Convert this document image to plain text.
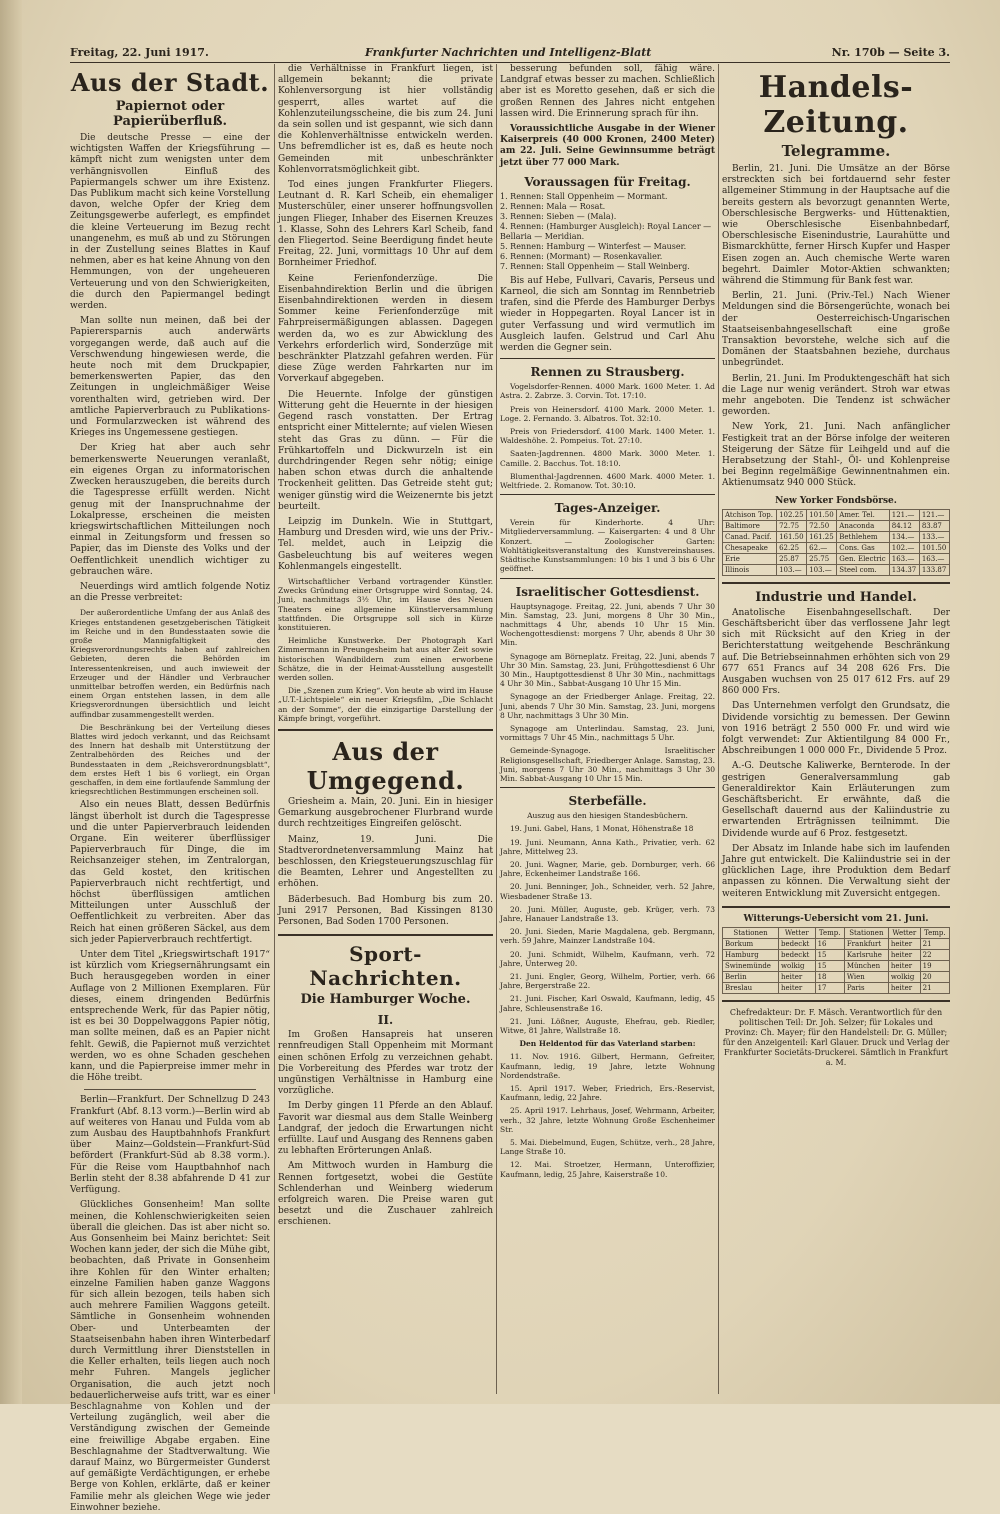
Freitag, 22. Juni 1917.	Frankfurter Nachrichten und Intelligenz-Blatt	Nr. 170b — Seite 3.
Aus der Stadt.
Papiernot oder Papierüberfluß.

Die deutsche Presse — eine der wichtigsten Waffen der Kriegsführung — kämpft nicht zum wenigsten unter dem verhängnisvollen Einfluß des Papiermangels schwer um ihre Existenz. Das Publikum macht sich keine Vorstellung davon, welche Opfer der Krieg dem Zeitungsgewerbe auferlegt, es empfindet die kleine Verteuerung im Bezug recht unangenehm, es muß ab und zu Störungen in der Zustellung seines Blattes in Kauf nehmen, aber es hat keine Ahnung von den Hemmungen, von der ungeheueren Verteuerung und von den Schwierigkeiten, die durch den Papiermangel bedingt werden.

Man sollte nun meinen, daß bei der Papierersparnis auch anderwärts vorgegangen werde, daß auch auf die Verschwendung hingewiesen werde, die heute noch mit dem Druckpapier, bemerkenswerten Papier, das den Zeitungen in ungleichmäßiger Weise vorenthalten wird, getrieben wird. Der amtliche Papierverbrauch zu Publikations- und Formularzwecken ist während des Krieges ins Ungemessene gestiegen.

Der Krieg hat aber auch sehr bemerkenswerte Neuerungen veranlaßt, ein eigenes Organ zu informatorischen Zwecken herauszugeben, die bereits durch die Tagespresse erfüllt werden. Nicht genug mit der Inanspruchnahme der Lokalpresse, erscheinen die meisten kriegswirtschaftlichen Mitteilungen noch einmal in Zeitungsform und fressen so Papier, das im Dienste des Volks und der Oeffentlichkeit unendlich wichtiger zu gebrauchen wäre.

Neuerdings wird amtlich folgende Notiz an die Presse verbreitet:

Der außerordentliche Umfang der aus Anlaß des Krieges entstandenen gesetzgeberischen Tätigkeit im Reiche und in den Bundesstaaten sowie die große Mannigfaltigkeit des Kriegsverordnungsrechts haben auf zahlreichen Gebieten, deren die Behörden im Interessentenkreisen, und auch inwieweit der Erzeuger und der Händler und Verbraucher unmittelbar betroffen werden, ein Bedürfnis nach einem Organ entstehen lassen, in dem alle Kriegsverordnungen übersichtlich und leicht auffindbar zusammengestellt werden.

Die Beschränkung bei der Verteilung dieses Blattes wird jedoch verkannt, und das Reichsamt des Innern hat deshalb mit Unterstützung der Zentralbehörden des Reiches und der Bundesstaaten in dem „Reichsverordnungsblatt“, dem erstes Heft 1 bis 6 vorliegt, ein Organ geschaffen, in dem eine fortlaufende Sammlung der kriegsrechtlichen Bestimmungen erscheinen soll.

Also ein neues Blatt, dessen Bedürfnis längst überholt ist durch die Tagespresse und die unter Papierverbrauch leidenden Organe. Ein weiterer überflüssiger Papierverbrauch für Dinge, die im Reichsanzeiger stehen, im Zentralorgan, das Geld kostet, den kritischen Papierverbrauch nicht rechtfertigt, und höchst überflüssigen amtlichen Mitteilungen unter Ausschluß der Oeffentlichkeit zu verbreiten. Aber das Reich hat einen größeren Säckel, aus dem sich jeder Papierverbrauch rechtfertigt.

Unter dem Titel „Kriegswirtschaft 1917“ ist kürzlich vom Kriegsernährungsamt ein Buch herausgegeben worden in einer Auflage von 2 Millionen Exemplaren. Für dieses, einem dringenden Bedürfnis entsprechende Werk, für das Papier nötig, ist es bei 30 Doppelwaggons Papier nötig, man sollte meinen, daß es an Papier nicht fehlt. Gewiß, die Papiernot muß verzichtet werden, wo es ohne Schaden geschehen kann, und die Papierpreise immer mehr in die Höhe treibt.

Berlin—Frankfurt. Der Schnellzug D 243 Frankfurt (Abf. 8.13 vorm.)—Berlin wird ab auf weiteres von Hanau und Fulda vom ab zum Ausbau des Hauptbahnhofs Frankfurt über Mainz—Goldstein—Frankfurt-Süd befördert (Frankfurt-Süd ab 8.38 vorm.). Für die Reise vom Hauptbahnhof nach Berlin steht der 8.38 abfahrende D 41 zur Verfügung.

Glückliches Gonsenheim! Man sollte meinen, die Kohlenschwierigkeiten seien überall die gleichen. Das ist aber nicht so. Aus Gonsenheim bei Mainz berichtet: Seit Wochen kann jeder, der sich die Mühe gibt, beobachten, daß Private in Gonsenheim ihre Kohlen für den Winter erhalten; einzelne Familien haben ganze Waggons für sich allein bezogen, teils haben sich auch mehrere Familien Waggons geteilt. Sämtliche in Gonsenheim wohnenden Ober- und Unterbeamten der Staatseisenbahn haben ihren Winterbedarf durch Vermittlung ihrer Dienststellen in die Keller erhalten, teils liegen auch noch mehr Fuhren. Mangels jeglicher Organisation, die auch jetzt noch bedauerlicherweise aufs tritt, war es einer Beschlagnahme von Kohlen und der Verteilung zugänglich, weil aber die Verständigung zwischen der Gemeinde eine freiwillige Abgabe ergaben. Eine Beschlagnahme der Stadtverwaltung. Wie darauf Mainz, wo Bürgermeister Gunderst auf gemäßigte Verdächtigungen, er erhebe Berge von Kohlen, erklärte, daß er keiner Familie mehr als gleichen Wege wie jeder Einwohner beziehe.

die Verhältnisse in Frankfurt liegen, ist allgemein bekannt; die private Kohlenversorgung ist hier vollständig gesperrt, alles wartet auf die Kohlenzuteilungsscheine, die bis zum 24. Juni da sein sollen und ist gespannt, wie sich dann die Kohlenverhältnisse entwickeln werden. Uns befremdlicher ist es, daß es heute noch Gemeinden mit unbeschränkter Kohlenvorratsmöglichkeit gibt.

Tod eines jungen Frankfurter Fliegers. Leutnant d. R. Karl Scheib, ein ehemaliger Musterschüler, einer unserer hoffnungsvollen jungen Flieger, Inhaber des Eisernen Kreuzes 1. Klasse, Sohn des Lehrers Karl Scheib, fand den Fliegertod. Seine Beerdigung findet heute Freitag, 22. Juni, vormittags 10 Uhr auf dem Bornheimer Friedhof.

Keine Ferienfonderzüge. Die Eisenbahndirektion Berlin und die übrigen Eisenbahndirektionen werden in diesem Sommer keine Ferienfonderzüge mit Fahrpreisermäßigungen ablassen. Dagegen werden da, wo es zur Abwicklung des Verkehrs erforderlich wird, Sonderzüge mit beschränkter Platzzahl gefahren werden. Für diese Züge werden Fahrkarten nur im Vorverkauf abgegeben.

Die Heuernte. Infolge der günstigen Witterung geht die Heuernte in der hiesigen Gegend rasch vonstatten. Der Ertrag entspricht einer Mittelernte; auf vielen Wiesen steht das Gras zu dünn. — Für die Frühkartoffeln und Dickwurzeln ist ein durchdringender Regen sehr nötig; einige haben schon etwas durch die anhaltende Trockenheit gelitten. Das Getreide steht gut; weniger günstig wird die Weizenernte bis jetzt beurteilt.

Leipzig im Dunkeln. Wie in Stuttgart, Hamburg und Dresden wird, wie uns der Priv.-Tel. meldet, auch in Leipzig die Gasbeleuchtung bis auf weiteres wegen Kohlenmangels eingestellt.

Wirtschaftlicher Verband vortragender Künstler. Zwecks Gründung einer Ortsgruppe wird Sonntag, 24. Juni, nachmittags 3½ Uhr, im Hause des Neuen Theaters eine allgemeine Künstlerversammlung stattfinden. Die Ortsgruppe soll sich in Kürze konstituieren.

Heimliche Kunstwerke. Der Photograph Karl Zimmermann in Preungesheim hat aus alter Zeit sowie historischen Wandbildern zum einen erworbene Schätze, die in der Heimat-Ausstellung ausgestellt werden sollen.

Die „Szenen zum Krieg“. Von heute ab wird im Hause „U.T.-Lichtspiele“ ein neuer Kriegsfilm, „Die Schlacht an der Somme“, der die einzigartige Darstellung der Kämpfe bringt, vorgeführt.

Aus der Umgegend.

Griesheim a. Main, 20. Juni. Ein in hiesiger Gemarkung ausgebrochener Flurbrand wurde durch rechtzeitiges Eingreifen gelöscht.

Mainz, 19. Juni. Die Stadtverordnetenversammlung Mainz hat beschlossen, den Kriegsteuerungszuschlag für die Beamten, Lehrer und Angestellten zu erhöhen.

Bäderbesuch. Bad Homburg bis zum 20. Juni 2917 Personen, Bad Kissingen 8130 Personen, Bad Soden 1700 Personen.

Sport-Nachrichten.
Die Hamburger Woche.
II.

Im Großen Hansapreis hat unseren rennfreudigen Stall Oppenheim mit Mormant einen schönen Erfolg zu verzeichnen gehabt. Die Vorbereitung des Pferdes war trotz der ungünstigen Verhältnisse in Hamburg eine vorzügliche.

Im Derby gingen 11 Pferde an den Ablauf. Favorit war diesmal aus dem Stalle Weinberg Landgraf, der jedoch die Erwartungen nicht erfüllte. Lauf und Ausgang des Rennens gaben zu lebhaften Erörterungen Anlaß.

Am Mittwoch wurden in Hamburg die Rennen fortgesetzt, wobei die Gestüte Schlenderhan und Weinberg wiederum erfolgreich waren. Die Preise waren gut besetzt und die Zuschauer zahlreich erschienen.

besserung befunden soll, fähig wäre. Landgraf etwas besser zu machen. Schließlich aber ist es Moretto gesehen, daß er sich die großen Rennen des Jahres nicht entgehen lassen wird. Die Erinnerung sprach für ihn.

Voraussichtliche Ausgabe in der Wiener Kaiserpreis (40 000 Kronen, 2400 Meter) am 22. Juli. Seine Gewinnsumme beträgt jetzt über 77 000 Mark.

Voraussagen für Freitag.
1. Rennen: Stall Oppenheim — Mormant.
2. Rennen: Mala — Rosat.
3. Rennen: Sieben — (Mala).
4. Rennen: (Hamburger Ausgleich): Royal Lancer — Bellaria — Meridian.
5. Rennen: Hamburg — Winterfest — Mauser.
6. Rennen: (Mormant) — Rosenkavalier.
7. Rennen: Stall Oppenheim — Stall Weinberg.

Bis auf Hebe, Fullvari, Cavaris, Perseus und Karneol, die sich am Sonntag im Rennbetrieb trafen, sind die Pferde des Hamburger Derbys wieder in Hoppegarten. Royal Lancer ist in guter Verfassung und wird vermutlich im Ausgleich laufen. Gelstrud und Carl Ahu werden die Gegner sein.

Rennen zu Strausberg.

Vogelsdorfer-Rennen. 4000 Mark. 1600 Meter. 1. Ad Astra. 2. Zabrze. 3. Corvin. Tot. 17:10.

Preis von Heinersdorf. 4100 Mark. 2000 Meter. 1. Loge. 2. Fernando. 3. Albatros. Tot. 32:10.

Preis von Friedersdorf. 4100 Mark. 1400 Meter. 1. Waldeshöhe. 2. Pompeius. Tot. 27:10.

Saaten-Jagdrennen. 4800 Mark. 3000 Meter. 1. Camille. 2. Bacchus. Tot. 18:10.

Blumenthal-Jagdrennen. 4600 Mark. 4000 Meter. 1. Weltfriede. 2. Romanow. Tot. 30:10.

Tages-Anzeiger.

Verein für Kinderhorte. 4 Uhr: Mitgliederversammlung. — Kaisergarten: 4 und 8 Uhr Konzert. — Zoologischer Garten: Wohltätigkeitsveranstaltung des Kunstvereinshauses. Städtische Kunstsammlungen: 10 bis 1 und 3 bis 6 Uhr geöffnet.

Israelitischer Gottesdienst.

Hauptsynagoge. Freitag, 22. Juni, abends 7 Uhr 30 Min. Samstag, 23. Juni, morgens 8 Uhr 30 Min., nachmittags 4 Uhr, abends 10 Uhr 15 Min. Wochengottesdienst: morgens 7 Uhr, abends 8 Uhr 30 Min.

Synagoge am Börneplatz. Freitag, 22. Juni, abends 7 Uhr 30 Min. Samstag, 23. Juni, Frühgottesdienst 6 Uhr 30 Min., Hauptgottesdienst 8 Uhr 30 Min., nachmittags 4 Uhr 30 Min., Sabbat-Ausgang 10 Uhr 15 Min.

Synagoge an der Friedberger Anlage. Freitag, 22. Juni, abends 7 Uhr 30 Min. Samstag, 23. Juni, morgens 8 Uhr, nachmittags 3 Uhr 30 Min.

Synagoge am Unterlindau. Samstag, 23. Juni, vormittags 7 Uhr 45 Min., nachmittags 5 Uhr.

Gemeinde-Synagoge. Israelitischer Religionsgesellschaft, Friedberger Anlage. Samstag, 23. Juni, morgens 7 Uhr 30 Min., nachmittags 3 Uhr 30 Min. Sabbat-Ausgang 10 Uhr 15 Min.

Sterbefälle.

Auszug aus den hiesigen Standesbüchern.

19. Juni. Gabel, Hans, 1 Monat, Höhenstraße 18

19. Juni. Neumann, Anna Kath., Privatier, verh. 62 Jahre, Mittelweg 23.

20. Juni. Wagner, Marie, geb. Dornburger, verh. 66 Jahre, Eckenheimer Landstraße 166.

20. Juni. Benninger, Joh., Schneider, verh. 52 Jahre, Wiesbadener Straße 13.

20. Juni. Müller, Auguste, geb. Krüger, verh. 73 Jahre, Hanauer Landstraße 13.

20. Juni. Sieden, Marie Magdalena, geb. Bergmann, verh. 59 Jahre, Mainzer Landstraße 104.

20. Juni. Schmidt, Wilhelm, Kaufmann, verh. 72 Jahre, Unterweg 20.

21. Juni. Engler, Georg, Wilhelm, Portier, verh. 66 Jahre, Bergerstraße 22.

21. Juni. Fischer, Karl Oswald, Kaufmann, ledig, 45 Jahre, Schleusenstraße 16.

21. Juni. Lößner, Auguste, Ehefrau, geb. Riedler, Witwe, 81 Jahre, Wallstraße 18.

Den Heldentod für das Vaterland starben:

11. Nov. 1916. Gilbert, Hermann, Gefreiter, Kaufmann, ledig, 19 Jahre, letzte Wohnung Nordendstraße.

15. April 1917. Weber, Friedrich, Ers.-Reservist, Kaufmann, ledig, 22 Jahre.

25. April 1917. Lehrhaus, Josef, Wehrmann, Arbeiter, verh., 32 Jahre, letzte Wohnung Große Eschenheimer Str.

5. Mai. Diebelmund, Eugen, Schütze, verh., 28 Jahre, Lange Straße 10.

12. Mai. Stroetzer, Hermann, Unteroffizier, Kaufmann, ledig, 25 Jahre, Kaiserstraße 10.

Handels-Zeitung.
Telegramme.

Berlin, 21. Juni. Die Umsätze an der Börse erstreckten sich bei fortdauernd sehr fester allgemeiner Stimmung in der Hauptsache auf die bereits gestern als bevorzugt genannten Werte, Oberschlesische Bergwerks- und Hüttenaktien, wie Oberschlesische Eisenbahnbedarf, Oberschlesische Eisenindustrie, Laurahütte und Bismarckhütte, ferner Hirsch Kupfer und Hasper Eisen zogen an. Auch chemische Werte waren begehrt. Daimler Motor-Aktien schwankten; während die Stimmung für Bank fest war.

Berlin, 21. Juni. (Priv.-Tel.) Nach Wiener Meldungen sind die Börsengerüchte, wonach bei der Oesterreichisch-Ungarischen Staatseisenbahngesellschaft eine große Transaktion bevorstehe, welche sich auf die Domänen der Staatsbahnen beziehe, durchaus unbegründet.

Berlin, 21. Juni. Im Produktengeschäft hat sich die Lage nur wenig verändert. Stroh war etwas mehr angeboten. Die Tendenz ist schwächer geworden.

New York, 21. Juni. Nach anfänglicher Festigkeit trat an der Börse infolge der weiteren Steigerung der Sätze für Leihgeld und auf die Herabsetzung der Stahl-, Öl- und Kohlenpreise bei Beginn regelmäßige Gewinnentnahmen ein. Aktienumsatz 940 000 Stück.

New Yorker Fondsbörse.
Atchison Top.	102.25	101.50	Amer. Tel.	121.—	121.—
Baltimore	72.75	72.50	Anaconda	84.12	83.87
Canad. Pacif.	161.50	161.25	Bethlehem	134.—	133.—
Chesapeake	62.25	62.—	Cons. Gas	102.—	101.50
Erie	25.87	25.75	Gen. Electric	163.—	163.—
Illinois	103.—	103.—	Steel com.	134.37	133.87
Industrie und Handel.

Anatolische Eisenbahngesellschaft. Der Geschäftsbericht über das verflossene Jahr legt sich mit Rücksicht auf den Krieg in der Berichterstattung weitgehende Beschränkung auf. Die Betriebseinnahmen erhöhten sich von 29 677 651 Francs auf 34 208 626 Frs. Die Ausgaben wuchsen von 25 017 612 Frs. auf 29 860 000 Frs.

Das Unternehmen verfolgt den Grundsatz, die Dividende vorsichtig zu bemessen. Der Gewinn von 1916 beträgt 2 550 000 Fr. und wird wie folgt verwendet: Zur Aktientilgung 84 000 Fr., Abschreibungen 1 000 000 Fr., Dividende 5 Proz.

A.-G. Deutsche Kaliwerke, Bernterode. In der gestrigen Generalversammlung gab Generaldirektor Kain Erläuterungen zum Geschäftsbericht. Er erwähnte, daß die Gesellschaft dauernd aus der Kaliindustrie zu erwartenden Erträgnissen teilnimmt. Die Dividende wurde auf 6 Proz. festgesetzt.

Der Absatz im Inlande habe sich im laufenden Jahre gut entwickelt. Die Kaliindustrie sei in der glücklichen Lage, ihre Produktion dem Bedarf anpassen zu können. Die Verwaltung sieht der weiteren Entwicklung mit Zuversicht entgegen.

Witterungs-Uebersicht vom 21. Juni.
Stationen	Wetter	Temp.	Stationen	Wetter	Temp.
Borkum	bedeckt	16	Frankfurt	heiter	21
Hamburg	bedeckt	15	Karlsruhe	heiter	22
Swinemünde	wolkig	15	München	heiter	19
Berlin	heiter	18	Wien	wolkig	20
Breslau	heiter	17	Paris	heiter	21
Chefredakteur: Dr. F. Mäsch. Verantwortlich für den politischen Teil: Dr. Joh. Selzer; für Lokales und Provinz: Ch. Mayer; für den Handelsteil: Dr. G. Müller; für den Anzeigenteil: Karl Glauer. Druck und Verlag der Frankfurter Societäts-Druckerei. Sämtlich in Frankfurt a. M.
